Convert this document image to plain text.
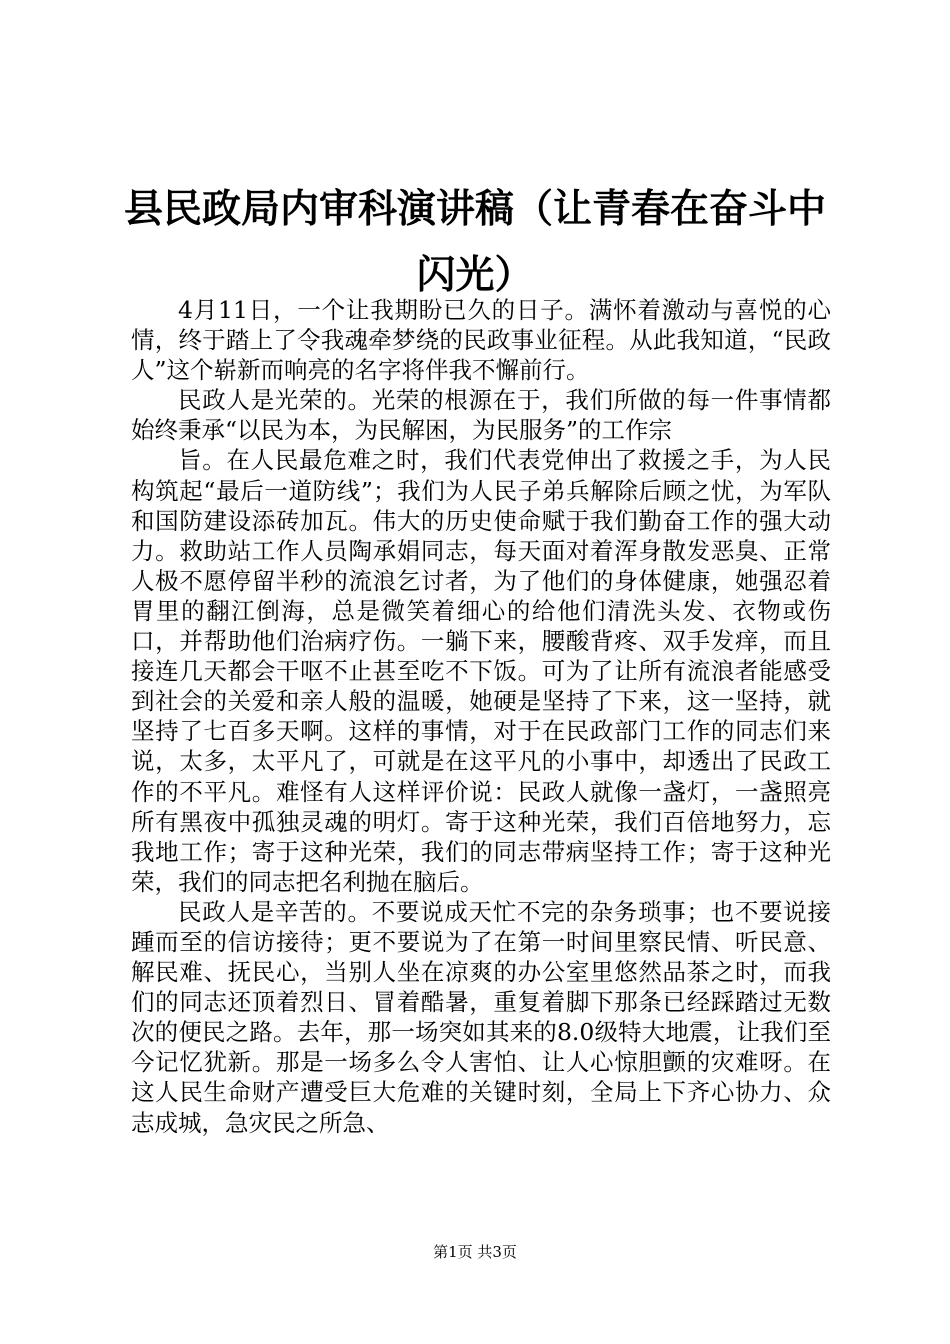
县民政局内审科演讲稿（让青春在奋斗中闪光）

4月11日，一个让我期盼已久的日子。满怀着激动与喜悦的心情，终于踏上了令我魂牵梦绕的民政事业征程。从此我知道，“民政人”这个崭新而响亮的名字将伴我不懈前行。

民政人是光荣的。光荣的根源在于，我们所做的每一件事情都始终秉承“以民为本，为民解困，为民服务”的工作宗

旨。在人民最危难之时，我们代表党伸出了救援之手，为人民构筑起“最后一道防线”；我们为人民子弟兵解除后顾之忧，为军队和国防建设添砖加瓦。伟大的历史使命赋于我们勤奋工作的强大动力。救助站工作人员陶承娟同志，每天面对着浑身散发恶臭、正常人极不愿停留半秒的流浪乞讨者，为了他们的身体健康，她强忍着胃里的翻江倒海，总是微笑着细心的给他们清洗头发、衣物或伤口，并帮助他们治病疗伤。一躺下来，腰酸背疼、双手发痒，而且接连几天都会干呕不止甚至吃不下饭。可为了让所有流浪者能感受到社会的关爱和亲人般的温暖，她硬是坚持了下来，这一坚持，就坚持了七百多天啊。这样的事情，对于在民政部门工作的同志们来说，太多，太平凡了，可就是在这平凡的小事中，却透出了民政工作的不平凡。难怪有人这样评价说：民政人就像一盏灯，一盏照亮所有黑夜中孤独灵魂的明灯。寄于这种光荣，我们百倍地努力，忘我地工作；寄于这种光荣，我们的同志带病坚持工作；寄于这种光荣，我们的同志把名利抛在脑后。

民政人是辛苦的。不要说成天忙不完的杂务琐事；也不要说接踵而至的信访接待；更不要说为了在第一时间里察民情、听民意、解民难、抚民心，当别人坐在凉爽的办公室里悠然品茶之时，而我们的同志还顶着烈日、冒着酷暑，重复着脚下那条已经踩踏过无数次的便民之路。去年，那一场突如其来的8.0级特大地震，让我们至今记忆犹新。那是一场多么令人害怕、让人心惊胆颤的灾难呀。在这人民生命财产遭受巨大危难的关键时刻，全局上下齐心协力、众志成城，急灾民之所急、

第1页 共3页
